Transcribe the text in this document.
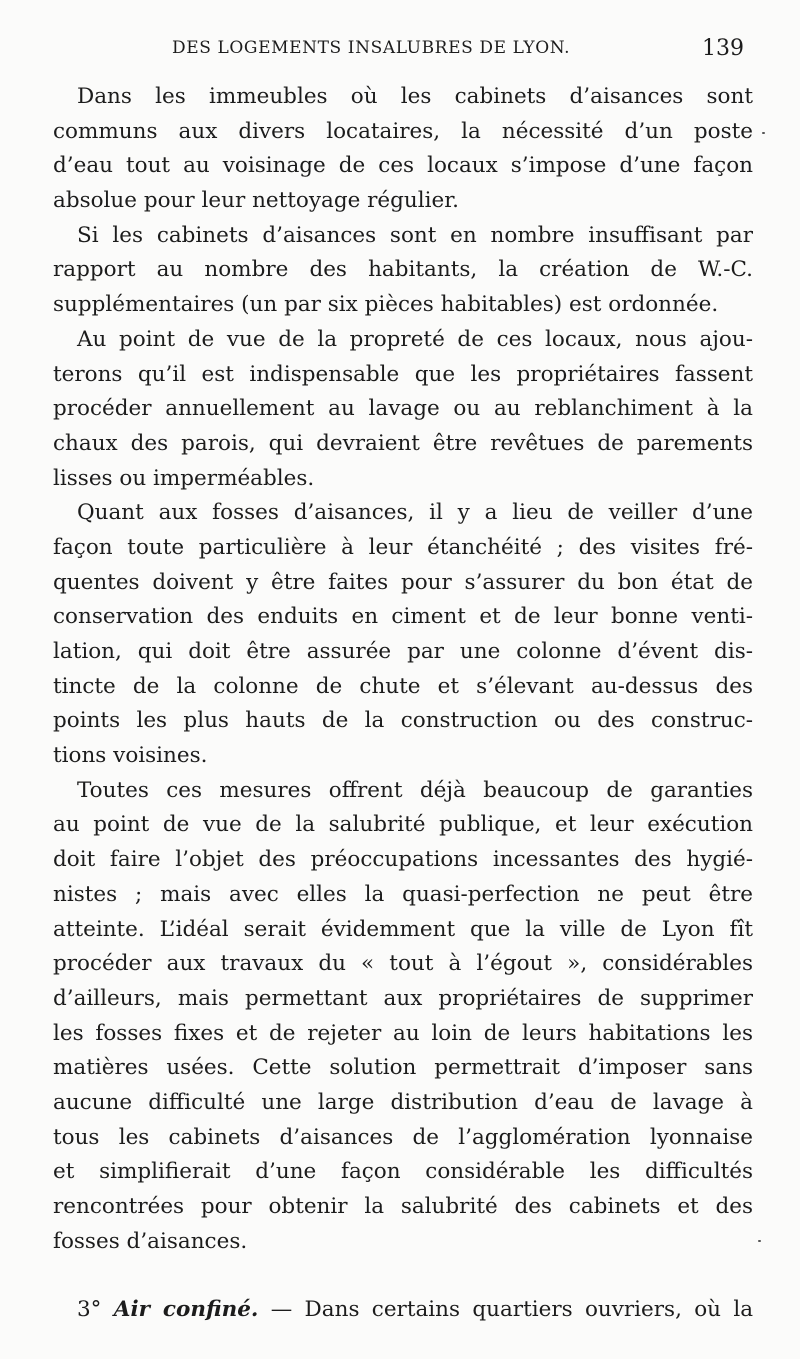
DES LOGEMENTS INSALUBRES DE LYON.	139
Dans les immeubles où les cabinets d’aisances sont
communs aux divers locataires, la nécessité d’un poste
d’eau tout au voisinage de ces locaux s’impose d’une façon
absolue pour leur nettoyage régulier.
Si les cabinets d’aisances sont en nombre insuffisant par
rapport au nombre des habitants, la création de W.-C.
supplémentaires (un par six pièces habitables) est ordonnée.
Au point de vue de la propreté de ces locaux, nous ajou-
terons qu’il est indispensable que les propriétaires fassent
procéder annuellement au lavage ou au reblanchiment à la
chaux des parois, qui devraient être revêtues de parements
lisses ou imperméables.
Quant aux fosses d’aisances, il y a lieu de veiller d’une
façon toute particulière à leur étanchéité ; des visites fré-
quentes doivent y être faites pour s’assurer du bon état de
conservation des enduits en ciment et de leur bonne venti-
lation, qui doit être assurée par une colonne d’évent dis-
tincte de la colonne de chute et s’élevant au-dessus des
points les plus hauts de la construction ou des construc-
tions voisines.
Toutes ces mesures offrent déjà beaucoup de garanties
au point de vue de la salubrité publique, et leur exécution
doit faire l’objet des préoccupations incessantes des hygié-
nistes ; mais avec elles la quasi-perfection ne peut être
atteinte. L’idéal serait évidemment que la ville de Lyon fît
procéder aux travaux du « tout à l’égout », considérables
d’ailleurs, mais permettant aux propriétaires de supprimer
les fosses fixes et de rejeter au loin de leurs habitations les
matières usées. Cette solution permettrait d’imposer sans
aucune difficulté une large distribution d’eau de lavage à
tous les cabinets d’aisances de l’agglomération lyonnaise
et simplifierait d’une façon considérable les difficultés
rencontrées pour obtenir la salubrité des cabinets et des
fosses d’aisances.
3° Air confiné. — Dans certains quartiers ouvriers, où la
